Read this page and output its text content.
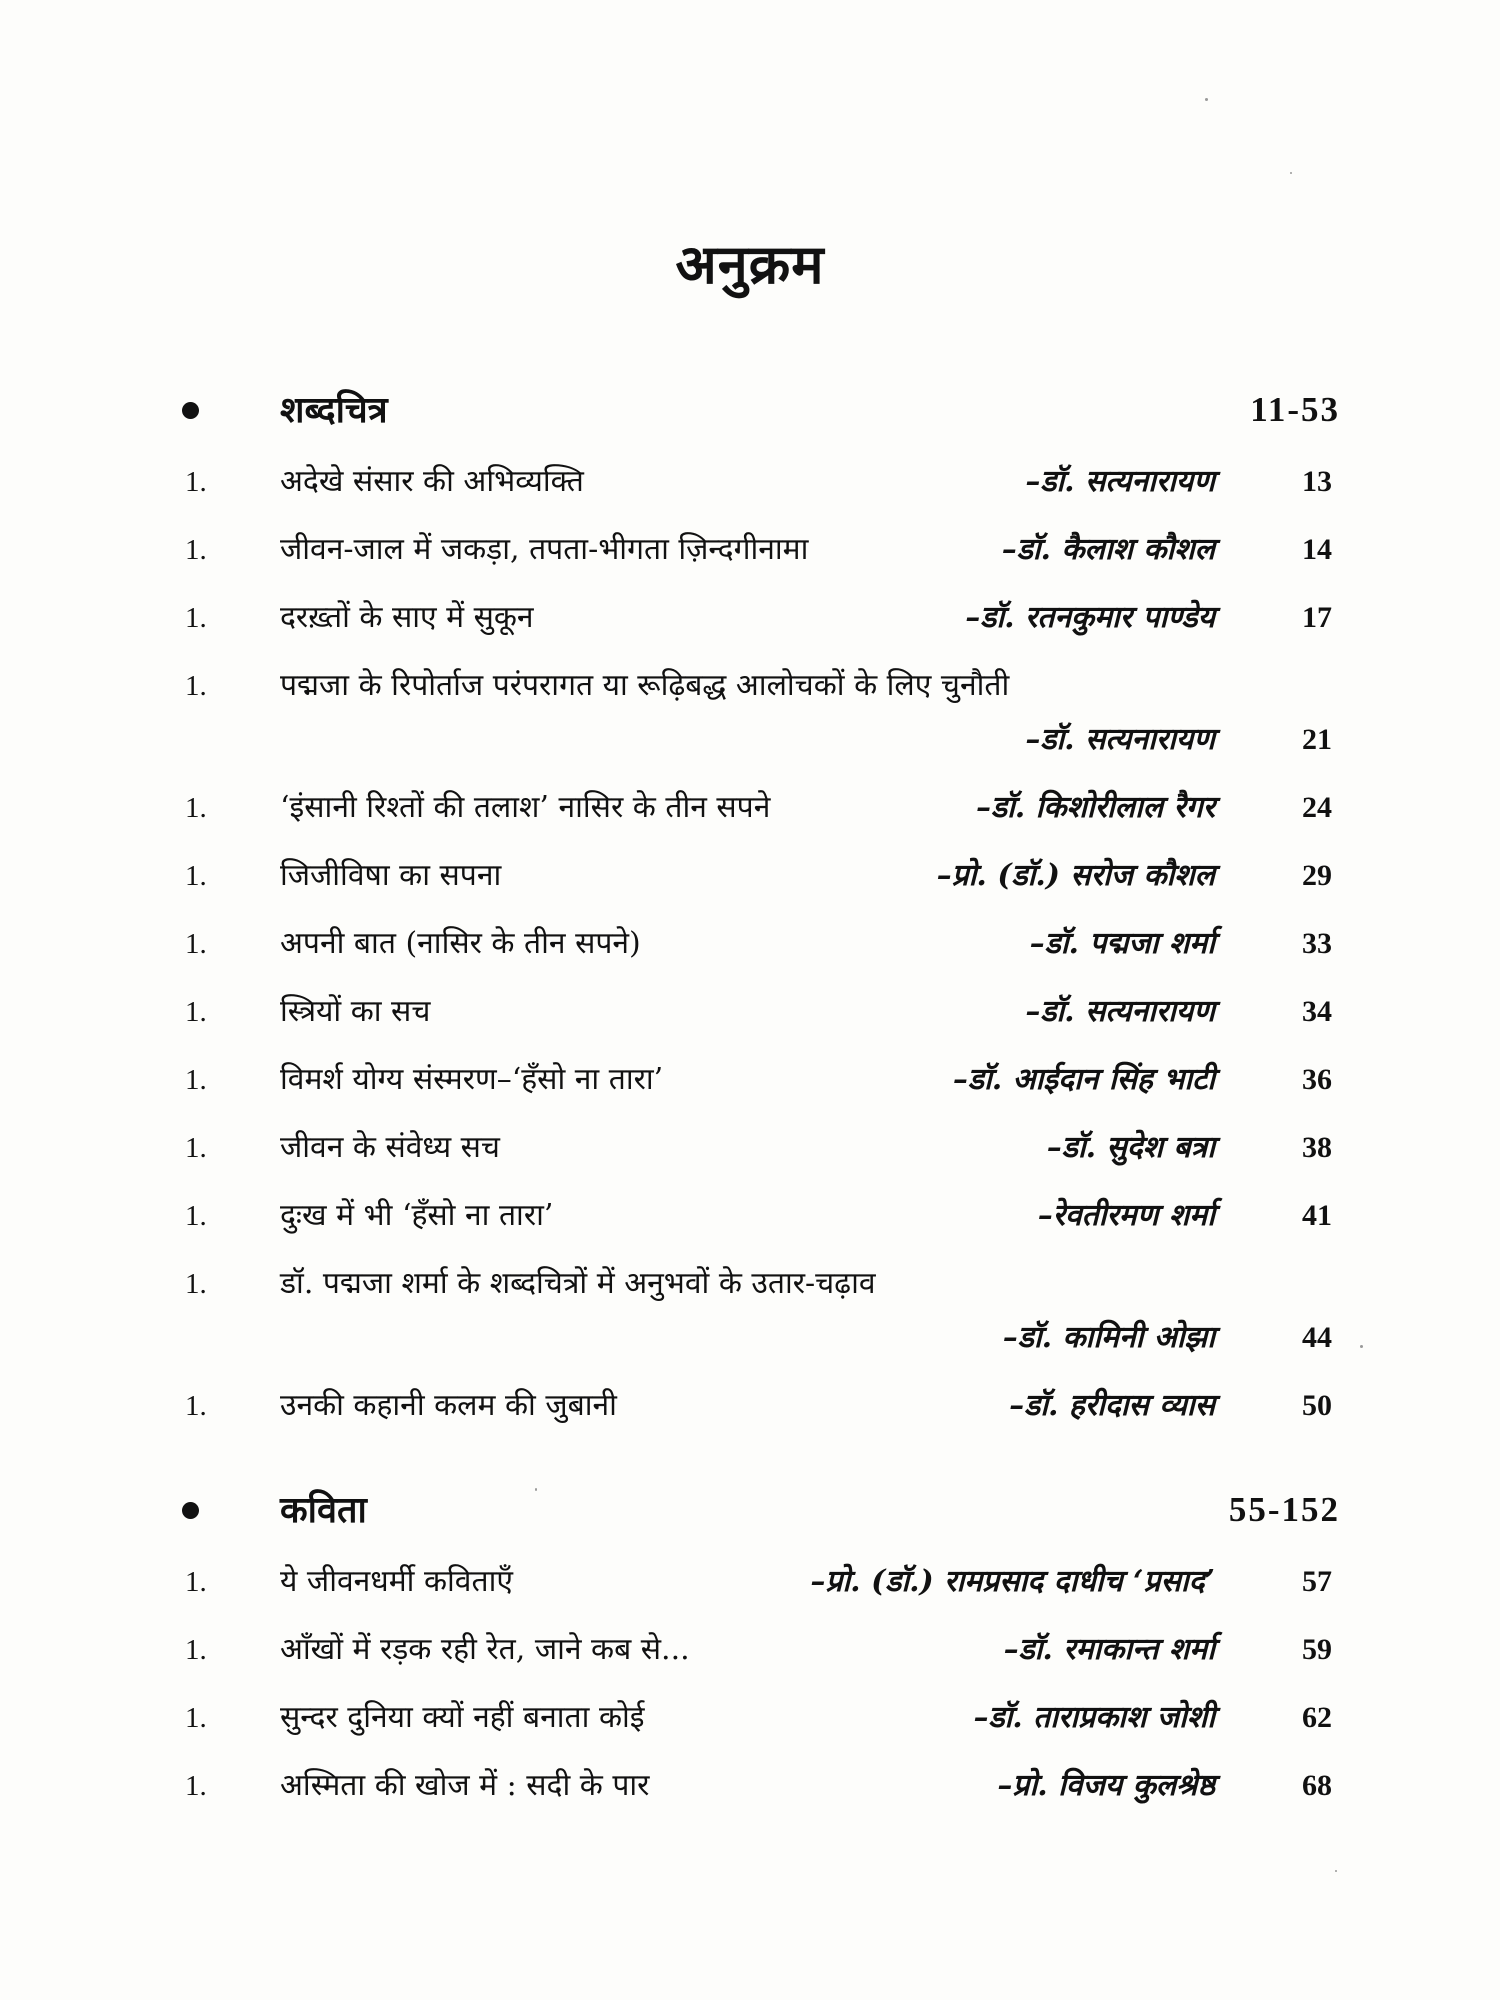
अनुक्रम
शब्दचित्र	11-53
1. अदेखे संसार की अभिव्यक्ति	–डॉ. सत्यनारायण	13
1. जीवन-जाल में जकड़ा, तपता-भीगता ज़िन्दगीनामा	–डॉ. कैलाश कौशल	14
1. दरख़्तों के साए में सुकून	–डॉ. रतनकुमार पाण्डेय	17
1. पद्मजा के रिपोर्ताज परंपरागत या रूढ़िबद्ध आलोचकों के लिए चुनौती
–डॉ. सत्यनारायण	21
1. ‘इंसानी रिश्तों की तलाश’ नासिर के तीन सपने	–डॉ. किशोरीलाल रैगर	24
1. जिजीविषा का सपना	–प्रो. (डॉ.) सरोज कौशल	29
1. अपनी बात (नासिर के तीन सपने)	–डॉ. पद्मजा शर्मा	33
1. स्त्रियों का सच	–डॉ. सत्यनारायण	34
1. विमर्श योग्य संस्मरण–‘हँसो ना तारा’	–डॉ. आईदान सिंह भाटी	36
1. जीवन के संवेध्य सच	–डॉ. सुदेश बत्रा	38
1. दुःख में भी ‘हँसो ना तारा’	–रेवतीरमण शर्मा	41
1. डॉ. पद्मजा शर्मा के शब्दचित्रों में अनुभवों के उतार-चढ़ाव
–डॉ. कामिनी ओझा	44
1. उनकी कहानी कलम की जुबानी	–डॉ. हरीदास व्यास	50
कविता	55-152
1. ये जीवनधर्मी कविताएँ	–प्रो. (डॉ.) रामप्रसाद दाधीच ‘प्रसाद’	57
1. आँखों में रड़क रही रेत, जाने कब से...	–डॉ. रमाकान्त शर्मा	59
1. सुन्दर दुनिया क्यों नहीं बनाता कोई	–डॉ. ताराप्रकाश जोशी	62
1. अस्मिता की खोज में : सदी के पार	–प्रो. विजय कुलश्रेष्ठ	68
